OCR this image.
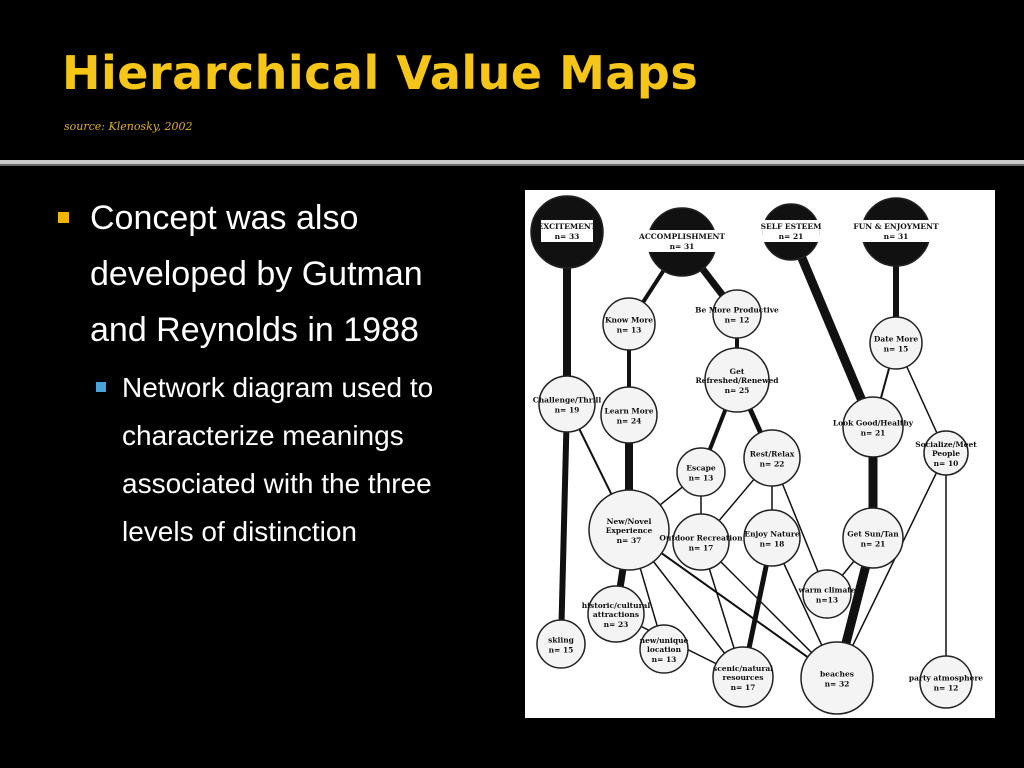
Hierarchical Value Maps
source: Klenosky, 2002
Concept was also developed by Gutman and Reynolds in 1988
Network diagram used to characterize meanings associated with the three levels of distinction
EXCITEMENT
n= 33	ACCOMPLISHMENT
n= 31
SELF ESTEEM
n= 21
FUN & ENJOYMENT
n= 31
Know More
n= 13
Be More Productive
n= 12
Date More
n= 15
Get
Refreshed/Renewed
n= 25
Challenge/Thrill
n= 19	Learn More
n= 24	Look Good/Healthy
n= 21
Socialize/Meet
People
n= 10
Escape
n= 13
Rest/Relax
n= 22
New/Novel
Experience
n= 37 Outdoor Recreation
n= 17
Enjoy Nature
n= 18
Get Sun/Tan
n= 21
warm climate
n=13
historic/cultural
attractions
n= 23
skiing
n= 15
new/unique
location
n= 13
scenic/natural
resources
n= 17
beaches
n= 32
party atmosphere
n= 12
